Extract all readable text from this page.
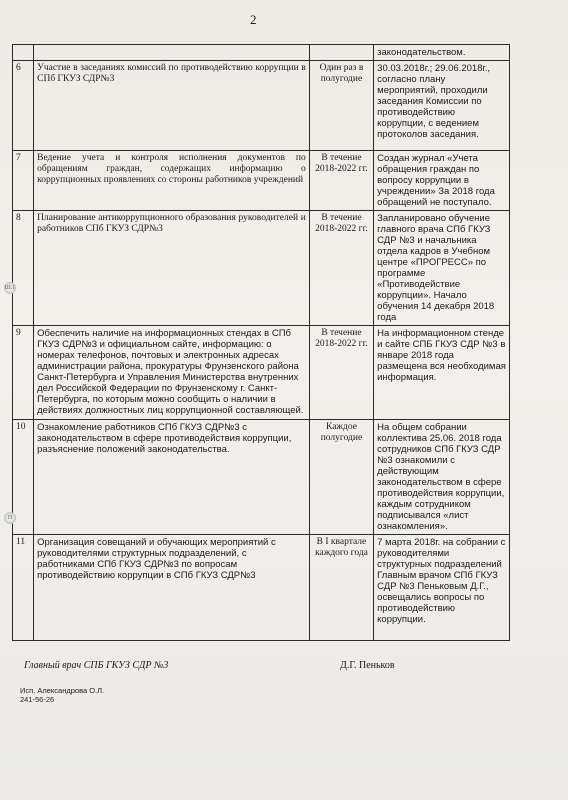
2
			законодательством.
6	Участие в заседаниях комиссий по противодействию коррупции в СПб ГКУЗ СДР№3	Один раз в полугодие	30.03.2018г.; 29.06.2018г., согласно плану мероприятий, проходили заседания Комиссии по противодействию коррупции, с ведением протоколов заседания.
7	Ведение учета и контроля исполнения документов по обращениям граждан, содержащих информацию о коррупционных проявлениях со стороны работников учреждений	В течение 2018-2022 гг.	Создан журнал «Учета обращения граждан по вопросу коррупции в учреждении» За 2018 года обращений не поступало.
8	Планирование антикоррупционного образования руководителей и работников СПб ГКУЗ СДР№3	В течение 2018-2022 гг.	Запланировано обучение главного врача СПб ГКУЗ СДР №3 и начальника отдела кадров в Учебном центре «ПРОГРЕСС» по программе «Противодействие коррупции». Начало обучения 14 декабря 2018 года
9	Обеспечить наличие на информационных стендах в СПб ГКУЗ СДР№3 и официальном сайте, информацию: о номерах телефонов, почтовых и электронных адресах администрации района, прокуратуры Фрунзенского района Санкт-Петербурга и Управления Министерства внутренних дел Российской Федерации по Фрунзенскому г. Санкт-Петербурга, по которым можно сообщить о наличии в действиях должностных лиц коррупционной составляющей.	В течение 2018-2022 гг.	На информационном стенде и сайте СПБ ГКУЗ СДР №3 в январе 2018 года размещена вся необходимая информация.
10	Ознакомление работников СПб ГКУЗ СДР№3 с законодательством в сфере противодействия коррупции, разъяснение положений законодательства.	Каждое полугодие	На общем собрании коллектива 25.06. 2018 года сотрудников СПб ГКУЗ СДР №3 ознакомили с действующим законодательством в сфере противодействия коррупции, каждым сотрудником подписывался «лист ознакомления».
11	Организация совещаний и обучающих мероприятий с руководителями структурных подразделений, с работниками СПб ГКУЗ СДР№3 по вопросам противодействию коррупции в СПб ГКУЗ СДР№3	В I квартале каждого года	7 марта 2018г. на собрании с руководителями структурных подразделений Главным врачом СПб ГКУЗ СДР №3 Пеньковым Д.Г., освещались вопросы по противодействию коррупции.
Ш.1
П
Главный врач СПБ ГКУЗ СДР №3	Д.Г. Пеньков
Исп. Александрова О.Л.
241-56-26
